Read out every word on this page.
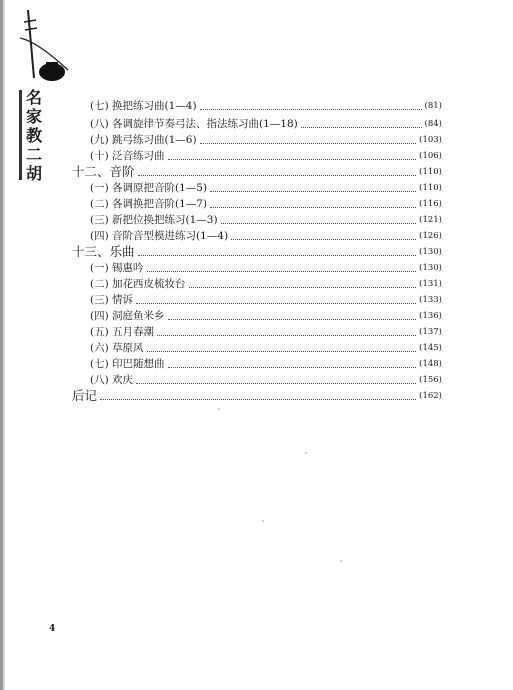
名
家
教
二
胡
(七) 换把练习曲(1—4)	(81)
(八) 各调旋律节奏弓法、指法练习曲(1—18)	(84)
(九) 跳弓练习曲(1—6)	(103)
(十) 泛音练习曲	(106)
十二、音阶	(110)
(一) 各调原把音阶(1—5)	(110)
(二) 各调换把音阶(1—7)	(116)
(三) 新把位换把练习(1—3)	(121)
(四) 音阶音型模进练习(1—4)	(126)
十三、乐曲	(130)
(一) 锡惠吟	(130)
(二) 加花西皮梳妆台	(131)
(三) 情诉	(133)
(四) 洞庭鱼米乡	(136)
(五) 五月春潮	(137)
(六) 草原风	(145)
(七) 印巴随想曲	(148)
(八) 欢庆	(156)
后记	(162)
4
